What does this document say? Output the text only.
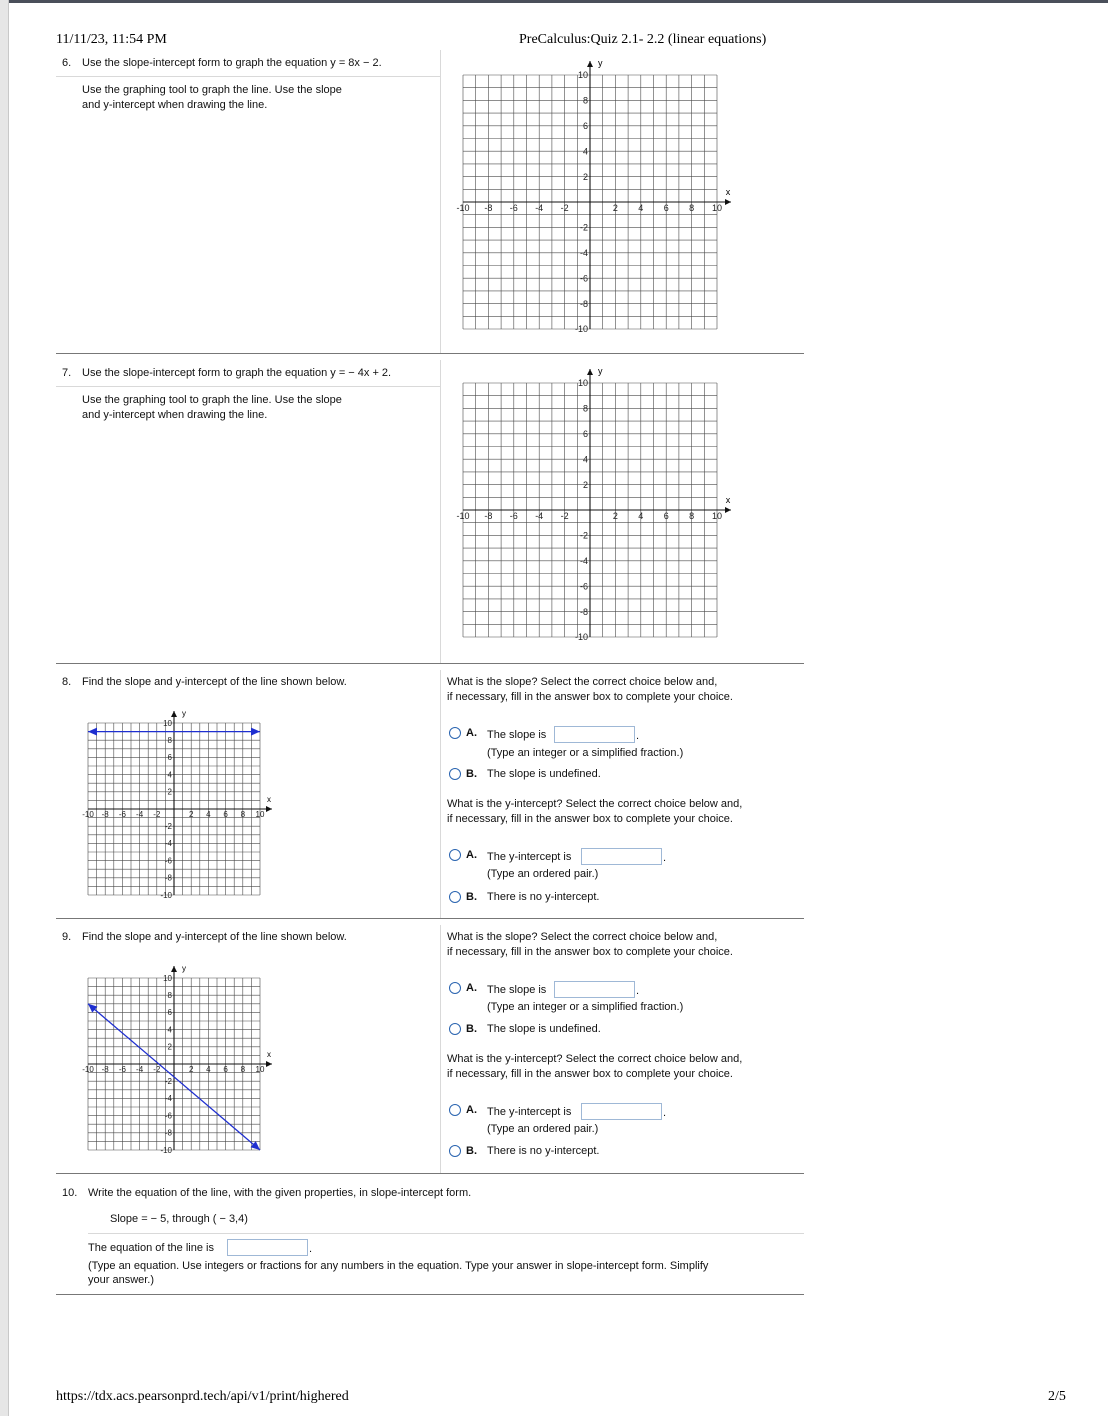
11/11/23, 11:54 PM	PreCalculus:Quiz 2.1- 2.2 (linear equations)
6. Use the slope-intercept form to graph the equation y = 8x − 2.
Use the graphing tool to graph the line. Use the slope
and y-intercept when drawing the line.
x
y
-10 -8 -6 -4 -2	2 4 6 8 10
10
8
6
4
2
-2
-4
-6
-8
-10
7. Use the slope-intercept form to graph the equation y = − 4x + 2.
Use the graphing tool to graph the line. Use the slope
and y-intercept when drawing the line.
x
y
-10 -8 -6 -4 -2	2 4 6 8 10
10
8
6
4
2
-2
-4
-6
-8
-10
8. Find the slope and y-intercept of the line shown below.
x
y
-10 -8 -6 -4 -2	2 4 6 8 10
10
8
6
4
2
-2
-4
-6
-8
-10
What is the slope? Select the correct choice below and,
if necessary, fill in the answer box to complete your choice.
A. The slope is	.
(Type an integer or a simplified fraction.)
B. The slope is undefined.
What is the y-intercept? Select the correct choice below and,
if necessary, fill in the answer box to complete your choice.
A. The y-intercept is	.
(Type an ordered pair.)
B. There is no y-intercept.
9. Find the slope and y-intercept of the line shown below.
x
y
-10 -8 -6 -4 -2	2 4 6 8 10
10
8
6
4
2
-2
-4
-6
-8
-10
What is the slope? Select the correct choice below and,
if necessary, fill in the answer box to complete your choice.
A. The slope is	.
(Type an integer or a simplified fraction.)
B. The slope is undefined.
What is the y-intercept? Select the correct choice below and,
if necessary, fill in the answer box to complete your choice.
A. The y-intercept is	.
(Type an ordered pair.)
B. There is no y-intercept.
10. Write the equation of the line, with the given properties, in slope-intercept form.
Slope = − 5, through ( − 3,4)
The equation of the line is	.
(Type an equation. Use integers or fractions for any numbers in the equation. Type your answer in slope-intercept form. Simplify
your answer.)
https://tdx.acs.pearsonprd.tech/api/v1/print/highered	2/5
